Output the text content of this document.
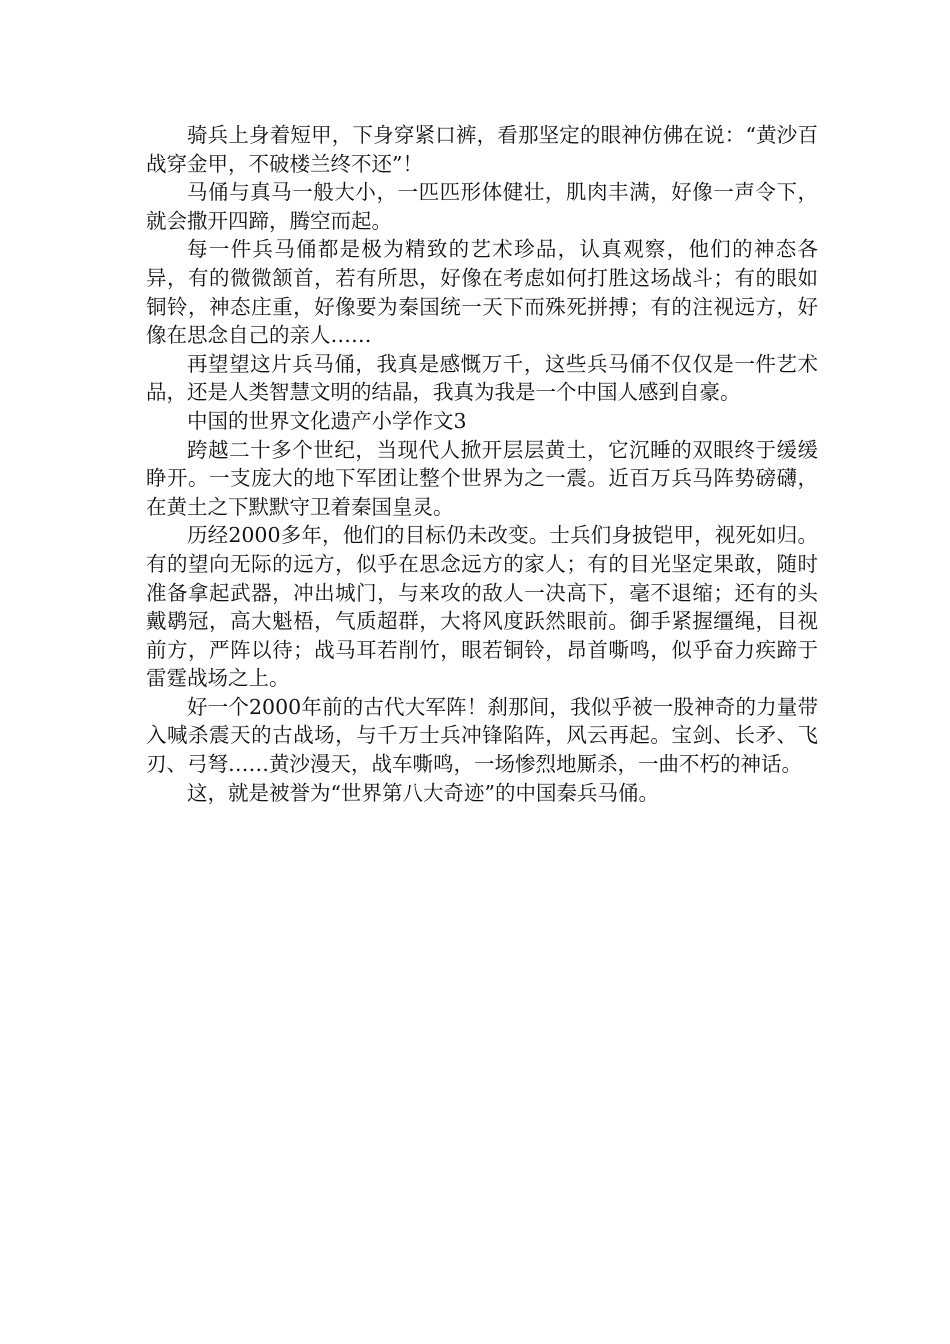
骑兵上身着短甲，下身穿紧口裤，看那坚定的眼神仿佛在说：“黄沙百战穿金甲，不破楼兰终不还”！

马俑与真马一般大小，一匹匹形体健壮，肌肉丰满，好像一声令下，就会撒开四蹄，腾空而起。

每一件兵马俑都是极为精致的艺术珍品，认真观察，他们的神态各异，有的微微颔首，若有所思，好像在考虑如何打胜这场战斗；有的眼如铜铃，神态庄重，好像要为秦国统一天下而殊死拼搏；有的注视远方，好像在思念自己的亲人……

再望望这片兵马俑，我真是感慨万千，这些兵马俑不仅仅是一件艺术品，还是人类智慧文明的结晶，我真为我是一个中国人感到自豪。

中国的世界文化遗产小学作文3

跨越二十多个世纪，当现代人掀开层层黄土，它沉睡的双眼终于缓缓睁开。一支庞大的地下军团让整个世界为之一震。近百万兵马阵势磅礴，在黄土之下默默守卫着秦国皇灵。

历经2000多年，他们的目标仍未改变。士兵们身披铠甲，视死如归。有的望向无际的远方，似乎在思念远方的家人；有的目光坚定果敢，随时准备拿起武器，冲出城门，与来攻的敌人一决高下，毫不退缩；还有的头戴鹖冠，高大魁梧，气质超群，大将风度跃然眼前。御手紧握缰绳，目视前方，严阵以待；战马耳若削竹，眼若铜铃，昂首嘶鸣，似乎奋力疾蹄于雷霆战场之上。

好一个2000年前的古代大军阵！刹那间，我似乎被一股神奇的力量带入喊杀震天的古战场，与千万士兵冲锋陷阵，风云再起。宝剑、长矛、飞刃、弓弩……黄沙漫天，战车嘶鸣，一场惨烈地厮杀，一曲不朽的神话。

这，就是被誉为“世界第八大奇迹”的中国秦兵马俑。
